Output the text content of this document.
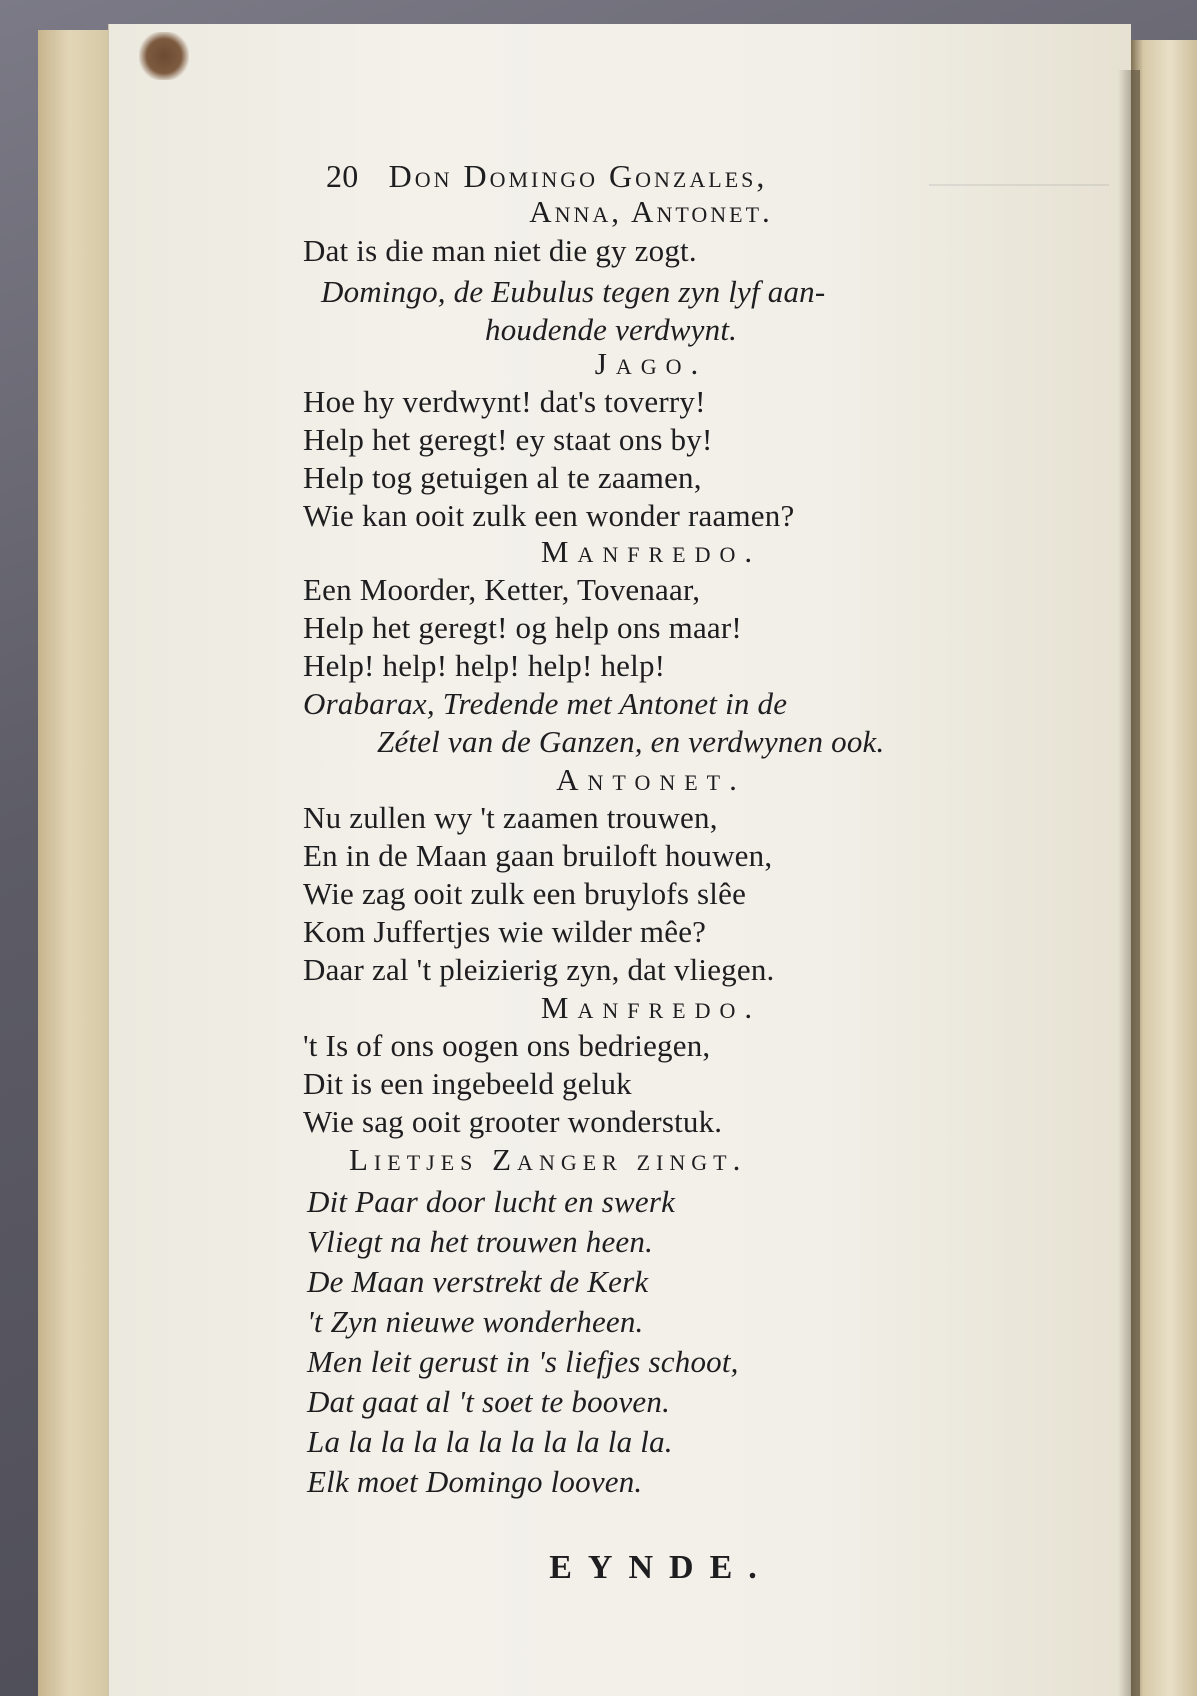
20 Don Domingo Gonzales,
Anna, Antonet.
Dat is die man niet die gy zogt.
Domingo, de Eubulus tegen zyn lyf aan-
houdende verdwynt.
Jago.
Hoe hy verdwynt! dat's toverry!
Help het geregt! ey staat ons by!
Help tog getuigen al te zaamen,
Wie kan ooit zulk een wonder raamen?
Manfredo.
Een Moorder, Ketter, Tovenaar,
Help het geregt! og help ons maar!
Help! help! help! help! help!
Orabarax, Tredende met Antonet in de
Zétel van de Ganzen, en verdwynen ook.
Antonet.
Nu zullen wy 't zaamen trouwen,
En in de Maan gaan bruiloft houwen,
Wie zag ooit zulk een bruylofs slêe
Kom Juffertjes wie wilder mêe?
Daar zal 't pleizierig zyn, dat vliegen.
Manfredo.
't Is of ons oogen ons bedriegen,
Dit is een ingebeeld geluk
Wie sag ooit grooter wonderstuk.
Lietjes Zanger zingt.
Dit Paar door lucht en swerk
Vliegt na het trouwen heen.
De Maan verstrekt de Kerk
't Zyn nieuwe wonderheen.
Men leit gerust in 's liefjes schoot,
Dat gaat al 't soet te booven.
La la la la la la la la la la la.
Elk moet Domingo looven.
EYNDE.
